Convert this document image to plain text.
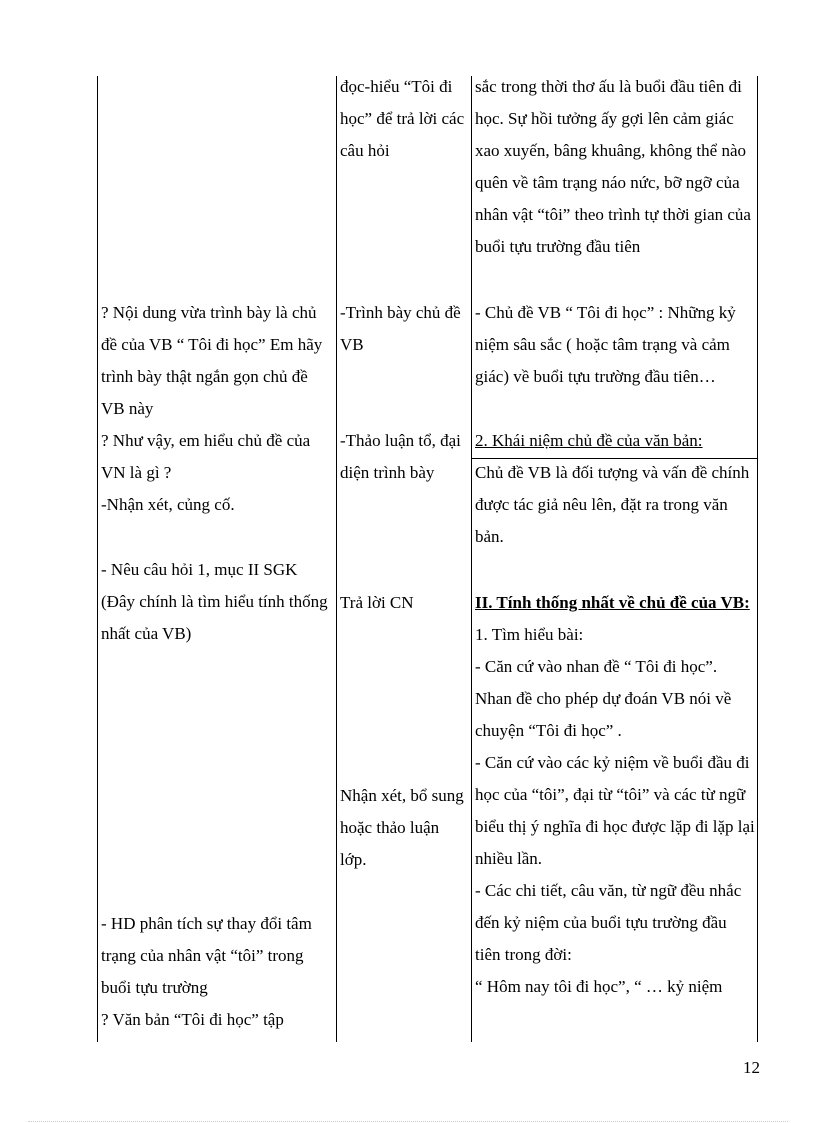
? Nội dung vừa trình bày là chủ đề của VB “ Tôi đi học” Em hãy trình bày thật ngắn gọn chủ đề VB này

? Như vậy, em hiểu chủ đề của VN là gì ?

-Nhận xét, củng cố.

- Nêu câu hỏi 1, mục II SGK

(Đây chính là tìm hiểu tính thống nhất của VB)

- HD phân tích sự thay đổi tâm trạng của nhân vật “tôi” trong buổi tựu trường

? Văn bản “Tôi đi học” tập

đọc-hiểu “Tôi đi học” để trả lời các câu hỏi

-Trình bày chủ đề VB

-Thảo luận tổ, đại diện trình bày

Trả lời CN

Nhận xét, bổ sung hoặc thảo luận lớp.

sắc trong thời thơ ấu là buổi đầu tiên đi học. Sự hồi tưởng ấy gợi lên cảm giác xao xuyến, bâng khuâng, không thể nào quên về tâm trạng náo nức, bỡ ngỡ của nhân vật “tôi” theo trình tự thời gian của buổi tựu trường đầu tiên

- Chủ đề VB “ Tôi đi học” : Những kỷ niệm sâu sắc ( hoặc tâm trạng và cảm giác) về buổi tựu trường đầu tiên…

2. Khái niệm chủ đề của văn bản:

Chủ đề VB là đối tượng và vấn đề chính được tác giả nêu lên, đặt ra trong văn bản.

II. Tính thống nhất về chủ đề của VB:

1. Tìm hiểu bài:

- Căn cứ vào nhan đề “ Tôi đi học”. Nhan đề cho phép dự đoán VB nói về chuyện “Tôi đi học” .

- Căn cứ vào các kỷ niệm về buổi đầu đi học của “tôi”, đại từ “tôi” và các từ ngữ biểu thị ý nghĩa đi học được lặp đi lặp lại nhiều lần.

- Các chi tiết, câu văn, từ ngữ đều nhắc đến kỷ niệm của buổi tựu trường đầu tiên trong đời:

“ Hôm nay tôi đi học”, “ … kỷ niệm

12
